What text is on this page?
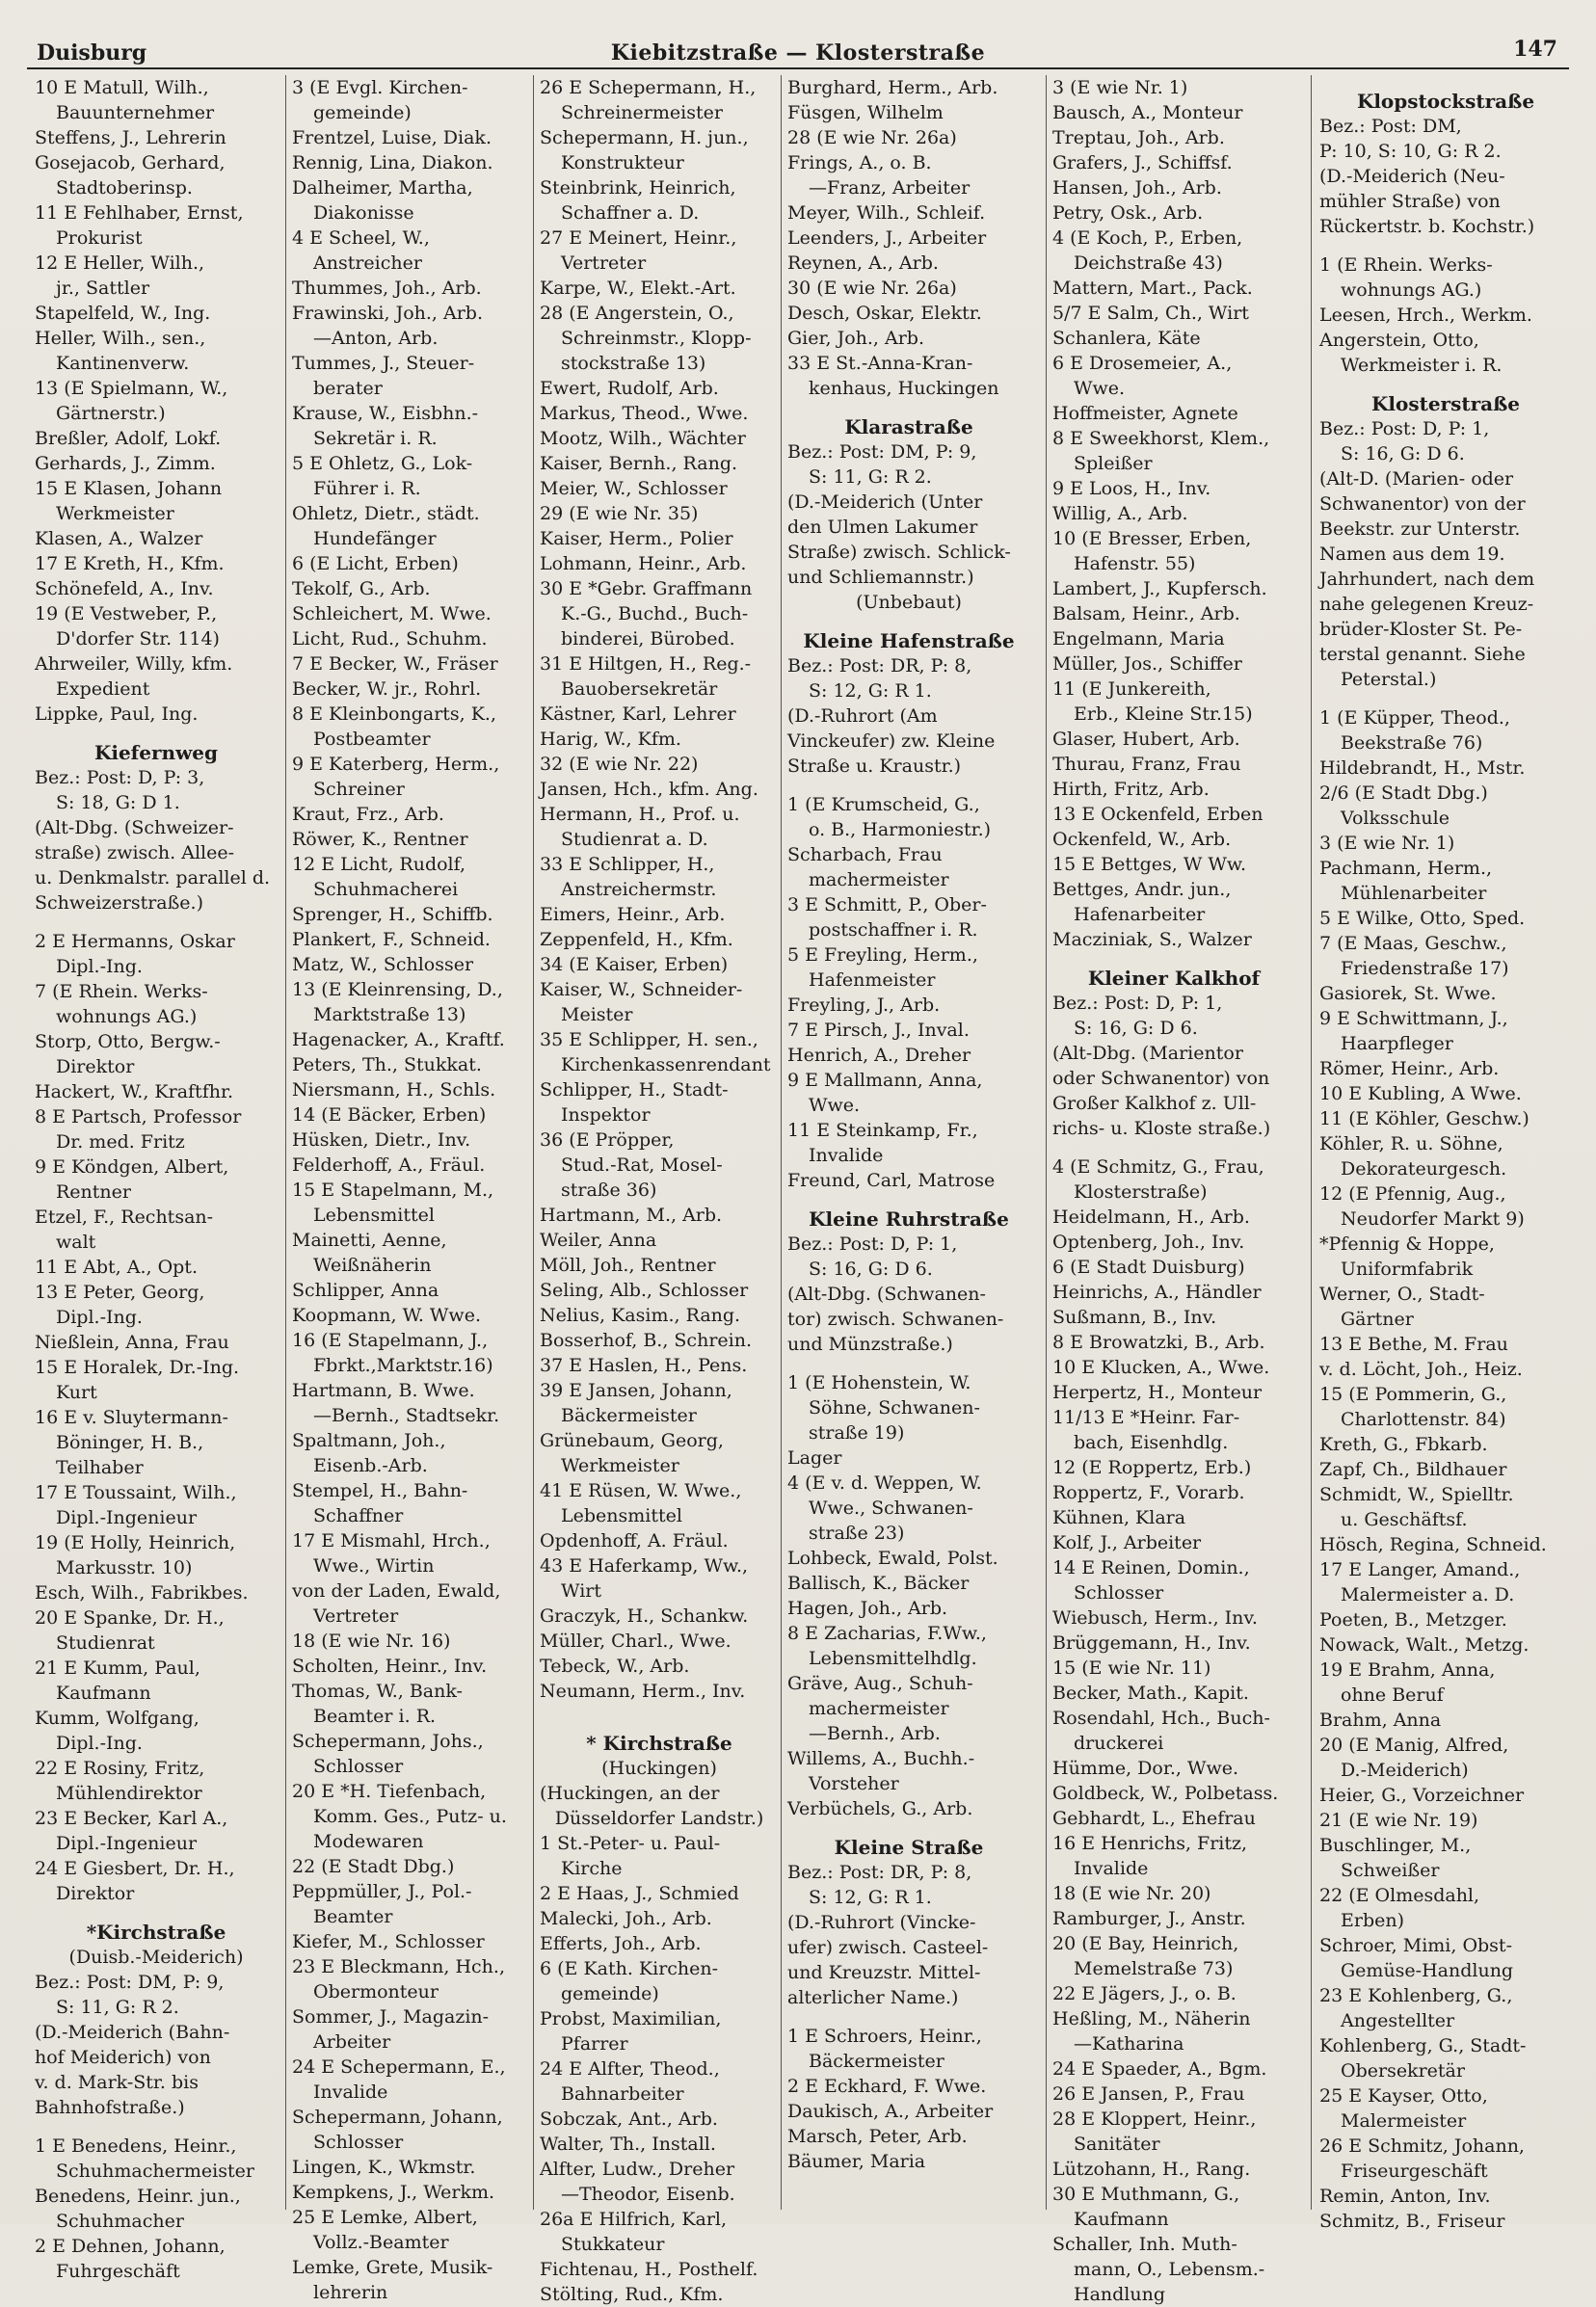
Duisburg	Kiebitzstraße — Klosterstraße	147
10 E Matull, Wilh.,
Bauunternehmer
Steffens, J., Lehrerin
Gosejacob, Gerhard,
Stadtoberinsp.
11 E Fehlhaber, Ernst,
Prokurist
12 E Heller, Wilh.,
jr., Sattler
Stapelfeld, W., Ing.
Heller, Wilh., sen.,
Kantinenverw.
13 (E Spielmann, W.,
Gärtnerstr.)
Breßler, Adolf, Lokf.
Gerhards, J., Zimm.
15 E Klasen, Johann
Werkmeister
Klasen, A., Walzer
17 E Kreth, H., Kfm.
Schönefeld, A., Inv.
19 (E Vestweber, P.,
D'dorfer Str. 114)
Ahrweiler, Willy, kfm.
Expedient
Lippke, Paul, Ing.
Kiefernweg
Bez.: Post: D, P: 3,
S: 18, G: D 1.
(Alt-Dbg. (Schweizer-
straße) zwisch. Allee-
u. Denkmalstr. parallel d.
Schweizerstraße.)
2 E Hermanns, Oskar
Dipl.-Ing.
7 (E Rhein. Werks-
wohnungs AG.)
Storp, Otto, Bergw.-
Direktor
Hackert, W., Kraftfhr.
8 E Partsch, Professor
Dr. med. Fritz
9 E Köndgen, Albert,
Rentner
Etzel, F., Rechtsan-
walt
11 E Abt, A., Opt.
13 E Peter, Georg,
Dipl.-Ing.
Nießlein, Anna, Frau
15 E Horalek, Dr.-Ing.
Kurt
16 E v. Sluytermann-
Böninger, H. B.,
Teilhaber
17 E Toussaint, Wilh.,
Dipl.-Ingenieur
19 (E Holly, Heinrich,
Markusstr. 10)
Esch, Wilh., Fabrikbes.
20 E Spanke, Dr. H.,
Studienrat
21 E Kumm, Paul,
Kaufmann
Kumm, Wolfgang,
Dipl.-Ing.
22 E Rosiny, Fritz,
Mühlendirektor
23 E Becker, Karl A.,
Dipl.-Ingenieur
24 E Giesbert, Dr. H.,
Direktor
*Kirchstraße
(Duisb.-Meiderich)
Bez.: Post: DM, P: 9,
S: 11, G: R 2.
(D.-Meiderich (Bahn-
hof Meiderich) von
v. d. Mark-Str. bis
Bahnhofstraße.)
1 E Benedens, Heinr.,
Schuhmachermeister
Benedens, Heinr. jun.,
Schuhmacher
2 E Dehnen, Johann,
Fuhrgeschäft
3 (E Evgl. Kirchen-
gemeinde)
Frentzel, Luise, Diak.
Rennig, Lina, Diakon.
Dalheimer, Martha,
Diakonisse
4 E Scheel, W.,
Anstreicher
Thummes, Joh., Arb.
Frawinski, Joh., Arb.
—Anton, Arb.
Tummes, J., Steuer-
berater
Krause, W., Eisbhn.-
Sekretär i. R.
5 E Ohletz, G., Lok-
Führer i. R.
Ohletz, Dietr., städt.
Hundefänger
6 (E Licht, Erben)
Tekolf, G., Arb.
Schleichert, M. Wwe.
Licht, Rud., Schuhm.
7 E Becker, W., Fräser
Becker, W. jr., Rohrl.
8 E Kleinbongarts, K.,
Postbeamter
9 E Katerberg, Herm.,
Schreiner
Kraut, Frz., Arb.
Röwer, K., Rentner
12 E Licht, Rudolf,
Schuhmacherei
Sprenger, H., Schiffb.
Plankert, F., Schneid.
Matz, W., Schlosser
13 (E Kleinrensing, D.,
Marktstraße 13)
Hagenacker, A., Kraftf.
Peters, Th., Stukkat.
Niersmann, H., Schls.
14 (E Bäcker, Erben)
Hüsken, Dietr., Inv.
Felderhoff, A., Fräul.
15 E Stapelmann, M.,
Lebensmittel
Mainetti, Aenne,
Weißnäherin
Schlipper, Anna
Koopmann, W. Wwe.
16 (E Stapelmann, J.,
Fbrkt.,Marktstr.16)
Hartmann, B. Wwe.
—Bernh., Stadtsekr.
Spaltmann, Joh.,
Eisenb.-Arb.
Stempel, H., Bahn-
Schaffner
17 E Mismahl, Hrch.,
Wwe., Wirtin
von der Laden, Ewald,
Vertreter
18 (E wie Nr. 16)
Scholten, Heinr., Inv.
Thomas, W., Bank-
Beamter i. R.
Schepermann, Johs.,
Schlosser
20 E *H. Tiefenbach,
Komm. Ges., Putz- u.
Modewaren
22 (E Stadt Dbg.)
Peppmüller, J., Pol.-
Beamter
Kiefer, M., Schlosser
23 E Bleckmann, Hch.,
Obermonteur
Sommer, J., Magazin-
Arbeiter
24 E Schepermann, E.,
Invalide
Schepermann, Johann,
Schlosser
Lingen, K., Wkmstr.
Kempkens, J., Werkm.
25 E Lemke, Albert,
Vollz.-Beamter
Lemke, Grete, Musik-
lehrerin
26 E Schepermann, H.,
Schreinermeister
Schepermann, H. jun.,
Konstrukteur
Steinbrink, Heinrich,
Schaffner a. D.
27 E Meinert, Heinr.,
Vertreter
Karpe, W., Elekt.-Art.
28 (E Angerstein, O.,
Schreinmstr., Klopp-
stockstraße 13)
Ewert, Rudolf, Arb.
Markus, Theod., Wwe.
Mootz, Wilh., Wächter
Kaiser, Bernh., Rang.
Meier, W., Schlosser
29 (E wie Nr. 35)
Kaiser, Herm., Polier
Lohmann, Heinr., Arb.
30 E *Gebr. Graffmann
K.-G., Buchd., Buch-
binderei, Bürobed.
31 E Hiltgen, H., Reg.-
Bauobersekretär
Kästner, Karl, Lehrer
Harig, W., Kfm.
32 (E wie Nr. 22)
Jansen, Hch., kfm. Ang.
Hermann, H., Prof. u.
Studienrat a. D.
33 E Schlipper, H.,
Anstreichermstr.
Eimers, Heinr., Arb.
Zeppenfeld, H., Kfm.
34 (E Kaiser, Erben)
Kaiser, W., Schneider-
Meister
35 E Schlipper, H. sen.,
Kirchenkassenrendant
Schlipper, H., Stadt-
Inspektor
36 (E Pröpper,
Stud.-Rat, Mosel-
straße 36)
Hartmann, M., Arb.
Weiler, Anna
Möll, Joh., Rentner
Seling, Alb., Schlosser
Nelius, Kasim., Rang.
Bosserhof, B., Schrein.
37 E Haslen, H., Pens.
39 E Jansen, Johann,
Bäckermeister
Grünebaum, Georg,
Werkmeister
41 E Rüsen, W. Wwe.,
Lebensmittel
Opdenhoff, A. Fräul.
43 E Haferkamp, Ww.,
Wirt
Graczyk, H., Schankw.
Müller, Charl., Wwe.
Tebeck, W., Arb.
Neumann, Herm., Inv.
* Kirchstraße
(Huckingen)
(Huckingen, an der
Düsseldorfer Landstr.)
1 St.-Peter- u. Paul-
Kirche
2 E Haas, J., Schmied
Malecki, Joh., Arb.
Efferts, Joh., Arb.
6 (E Kath. Kirchen-
gemeinde)
Probst, Maximilian,
Pfarrer
24 E Alfter, Theod.,
Bahnarbeiter
Sobczak, Ant., Arb.
Walter, Th., Install.
Alfter, Ludw., Dreher
—Theodor, Eisenb.
26a E Hilfrich, Karl,
Stukkateur
Fichtenau, H., Posthelf.
Stölting, Rud., Kfm.
Burghard, Herm., Arb.
Füsgen, Wilhelm
28 (E wie Nr. 26a)
Frings, A., o. B.
—Franz, Arbeiter
Meyer, Wilh., Schleif.
Leenders, J., Arbeiter
Reynen, A., Arb.
30 (E wie Nr. 26a)
Desch, Oskar, Elektr.
Gier, Joh., Arb.
33 E St.-Anna-Kran-
kenhaus, Huckingen
Klarastraße
Bez.: Post: DM, P: 9,
S: 11, G: R 2.
(D.-Meiderich (Unter
den Ulmen Lakumer
Straße) zwisch. Schlick-
und Schliemannstr.)
(Unbebaut)
Kleine Hafenstraße
Bez.: Post: DR, P: 8,
S: 12, G: R 1.
(D.-Ruhrort (Am
Vinckeufer) zw. Kleine
Straße u. Kraustr.)
1 (E Krumscheid, G.,
o. B., Harmoniestr.)
Scharbach, Frau
machermeister
3 E Schmitt, P., Ober-
postschaffner i. R.
5 E Freyling, Herm.,
Hafenmeister
Freyling, J., Arb.
7 E Pirsch, J., Inval.
Henrich, A., Dreher
9 E Mallmann, Anna,
Wwe.
11 E Steinkamp, Fr.,
Invalide
Freund, Carl, Matrose
Kleine Ruhrstraße
Bez.: Post: D, P: 1,
S: 16, G: D 6.
(Alt-Dbg. (Schwanen-
tor) zwisch. Schwanen-
und Münzstraße.)
1 (E Hohenstein, W.
Söhne, Schwanen-
straße 19)
Lager
4 (E v. d. Weppen, W.
Wwe., Schwanen-
straße 23)
Lohbeck, Ewald, Polst.
Ballisch, K., Bäcker
Hagen, Joh., Arb.
8 E Zacharias, F.Ww.,
Lebensmittelhdlg.
Gräve, Aug., Schuh-
machermeister
—Bernh., Arb.
Willems, A., Buchh.-
Vorsteher
Verbüchels, G., Arb.
Kleine Straße
Bez.: Post: DR, P: 8,
S: 12, G: R 1.
(D.-Ruhrort (Vincke-
ufer) zwisch. Casteel-
und Kreuzstr. Mittel-
alterlicher Name.)
1 E Schroers, Heinr.,
Bäckermeister
2 E Eckhard, F. Wwe.
Daukisch, A., Arbeiter
Marsch, Peter, Arb.
Bäumer, Maria
3 (E wie Nr. 1)
Bausch, A., Monteur
Treptau, Joh., Arb.
Grafers, J., Schiffsf.
Hansen, Joh., Arb.
Petry, Osk., Arb.
4 (E Koch, P., Erben,
Deichstraße 43)
Mattern, Mart., Pack.
5/7 E Salm, Ch., Wirt
Schanlera, Käte
6 E Drosemeier, A.,
Wwe.
Hoffmeister, Agnete
8 E Sweekhorst, Klem.,
Spleißer
9 E Loos, H., Inv.
Willig, A., Arb.
10 (E Bresser, Erben,
Hafenstr. 55)
Lambert, J., Kupfersch.
Balsam, Heinr., Arb.
Engelmann, Maria
Müller, Jos., Schiffer
11 (E Junkereith,
Erb., Kleine Str.15)
Glaser, Hubert, Arb.
Thurau, Franz, Frau
Hirth, Fritz, Arb.
13 E Ockenfeld, Erben
Ockenfeld, W., Arb.
15 E Bettges, W Ww.
Bettges, Andr. jun.,
Hafenarbeiter
Macziniak, S., Walzer
Kleiner Kalkhof
Bez.: Post: D, P: 1,
S: 16, G: D 6.
(Alt-Dbg. (Marientor
oder Schwanentor) von
Großer Kalkhof z. Ull-
richs- u. Kloste straße.)
4 (E Schmitz, G., Frau,
Klosterstraße)
Heidelmann, H., Arb.
Optenberg, Joh., Inv.
6 (E Stadt Duisburg)
Heinrichs, A., Händler
Sußmann, B., Inv.
8 E Browatzki, B., Arb.
10 E Klucken, A., Wwe.
Herpertz, H., Monteur
11/13 E *Heinr. Far-
bach, Eisenhdlg.
12 (E Roppertz, Erb.)
Roppertz, F., Vorarb.
Kühnen, Klara
Kolf, J., Arbeiter
14 E Reinen, Domin.,
Schlosser
Wiebusch, Herm., Inv.
Brüggemann, H., Inv.
15 (E wie Nr. 11)
Becker, Math., Kapit.
Rosendahl, Hch., Buch-
druckerei
Hümme, Dor., Wwe.
Goldbeck, W., Polbetass.
Gebhardt, L., Ehefrau
16 E Henrichs, Fritz,
Invalide
18 (E wie Nr. 20)
Ramburger, J., Anstr.
20 (E Bay, Heinrich,
Memelstraße 73)
22 E Jägers, J., o. B.
Heßling, M., Näherin
—Katharina
24 E Spaeder, A., Bgm.
26 E Jansen, P., Frau
28 E Kloppert, Heinr.,
Sanitäter
Lützohann, H., Rang.
30 E Muthmann, G.,
Kaufmann
Schaller, Inh. Muth-
mann, O., Lebensm.-
Handlung
Klopstockstraße
Bez.: Post: DM,
P: 10, S: 10, G: R 2.
(D.-Meiderich (Neu-
mühler Straße) von
Rückertstr. b. Kochstr.)
1 (E Rhein. Werks-
wohnungs AG.)
Leesen, Hrch., Werkm.
Angerstein, Otto,
Werkmeister i. R.
Klosterstraße
Bez.: Post: D, P: 1,
S: 16, G: D 6.
(Alt-D. (Marien- oder
Schwanentor) von der
Beekstr. zur Unterstr.
Namen aus dem 19.
Jahrhundert, nach dem
nahe gelegenen Kreuz-
brüder-Kloster St. Pe-
terstal genannt. Siehe
Peterstal.)
1 (E Küpper, Theod.,
Beekstraße 76)
Hildebrandt, H., Mstr.
2/6 (E Stadt Dbg.)
Volksschule
3 (E wie Nr. 1)
Pachmann, Herm.,
Mühlenarbeiter
5 E Wilke, Otto, Sped.
7 (E Maas, Geschw.,
Friedenstraße 17)
Gasiorek, St. Wwe.
9 E Schwittmann, J.,
Haarpfleger
Römer, Heinr., Arb.
10 E Kubling, A Wwe.
11 (E Köhler, Geschw.)
Köhler, R. u. Söhne,
Dekorateurgesch.
12 (E Pfennig, Aug.,
Neudorfer Markt 9)
*Pfennig & Hoppe,
Uniformfabrik
Werner, O., Stadt-
Gärtner
13 E Bethe, M. Frau
v. d. Löcht, Joh., Heiz.
15 (E Pommerin, G.,
Charlottenstr. 84)
Kreth, G., Fbkarb.
Zapf, Ch., Bildhauer
Schmidt, W., Spielltr.
u. Geschäftsf.
Hösch, Regina, Schneid.
17 E Langer, Amand.,
Malermeister a. D.
Poeten, B., Metzger.
Nowack, Walt., Metzg.
19 E Brahm, Anna,
ohne Beruf
Brahm, Anna
20 (E Manig, Alfred,
D.-Meiderich)
Heier, G., Vorzeichner
21 (E wie Nr. 19)
Buschlinger, M.,
Schweißer
22 (E Olmesdahl,
Erben)
Schroer, Mimi, Obst-
Gemüse-Handlung
23 E Kohlenberg, G.,
Angestellter
Kohlenberg, G., Stadt-
Obersekretär
25 E Kayser, Otto,
Malermeister
26 E Schmitz, Johann,
Friseurgeschäft
Remin, Anton, Inv.
Schmitz, B., Friseur
